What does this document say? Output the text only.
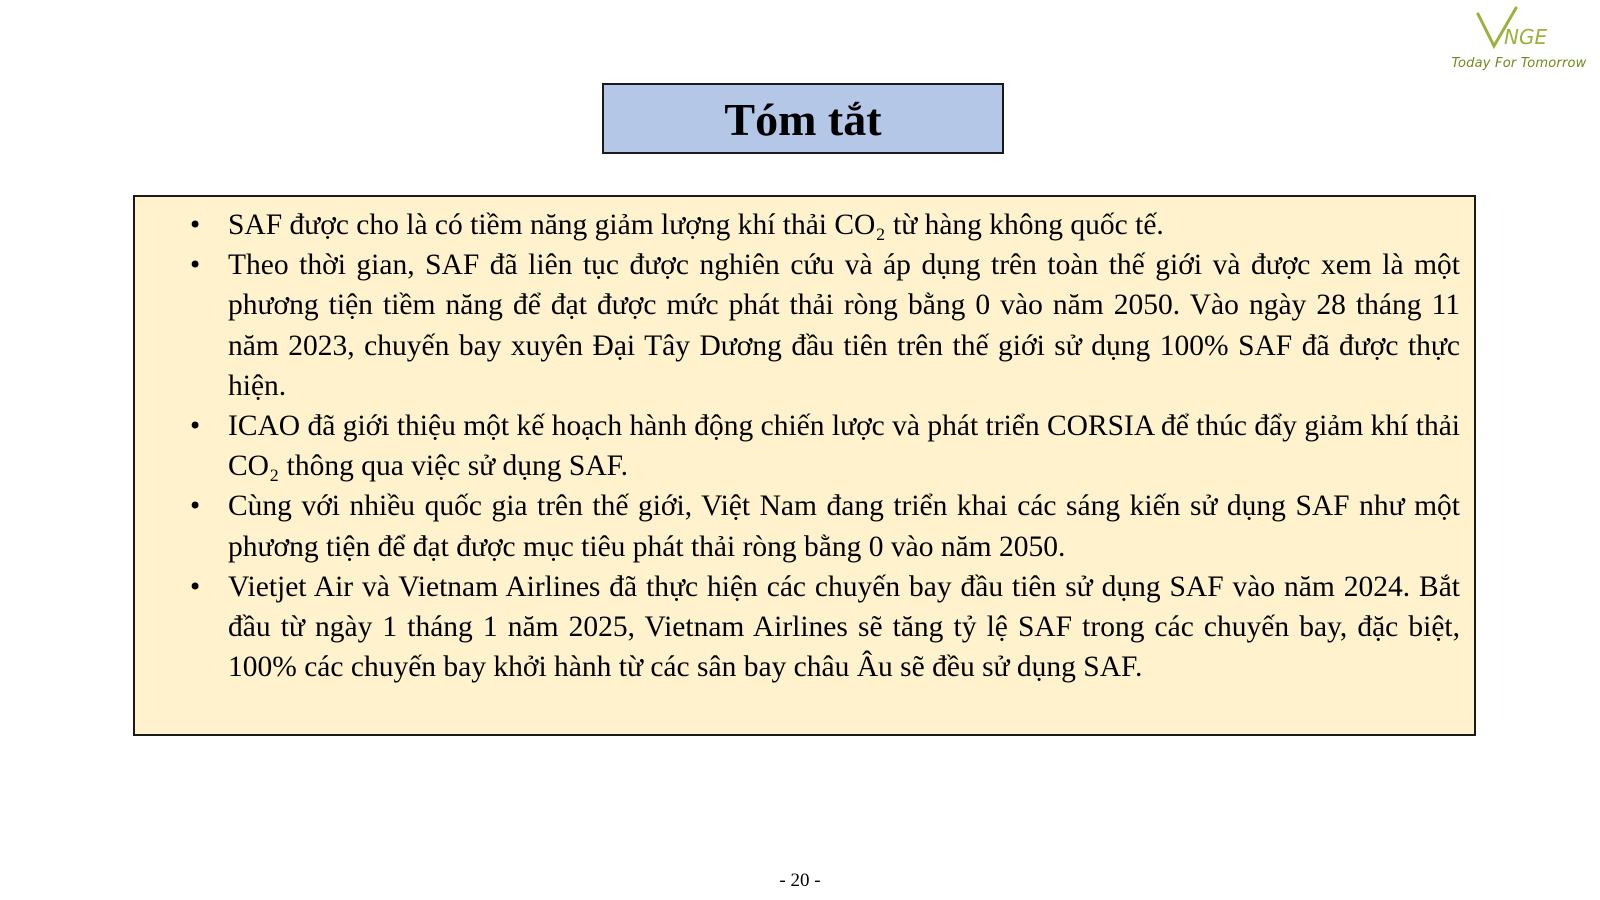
NGE
Today For Tomorrow
Tóm tắt
• SAF được cho là có tiềm năng giảm lượng khí thải CO₂ từ hàng không quốc tế.
• Theo thời gian, SAF đã liên tục được nghiên cứu và áp dụng trên toàn thế giới và được xem là một phương tiện tiềm năng để đạt được mức phát thải ròng bằng 0 vào năm 2050. Vào ngày 28 tháng 11 năm 2023, chuyến bay xuyên Đại Tây Dương đầu tiên trên thế giới sử dụng 100% SAF đã được thực hiện.
• ICAO đã giới thiệu một kế hoạch hành động chiến lược và phát triển CORSIA để thúc đẩy giảm khí thải CO₂ thông qua việc sử dụng SAF.
• Cùng với nhiều quốc gia trên thế giới, Việt Nam đang triển khai các sáng kiến sử dụng SAF như một phương tiện để đạt được mục tiêu phát thải ròng bằng 0 vào năm 2050.
• Vietjet Air và Vietnam Airlines đã thực hiện các chuyến bay đầu tiên sử dụng SAF vào năm 2024. Bắt đầu từ ngày 1 tháng 1 năm 2025, Vietnam Airlines sẽ tăng tỷ lệ SAF trong các chuyến bay, đặc biệt, 100% các chuyến bay khởi hành từ các sân bay châu Âu sẽ đều sử dụng SAF.
- 20 -
